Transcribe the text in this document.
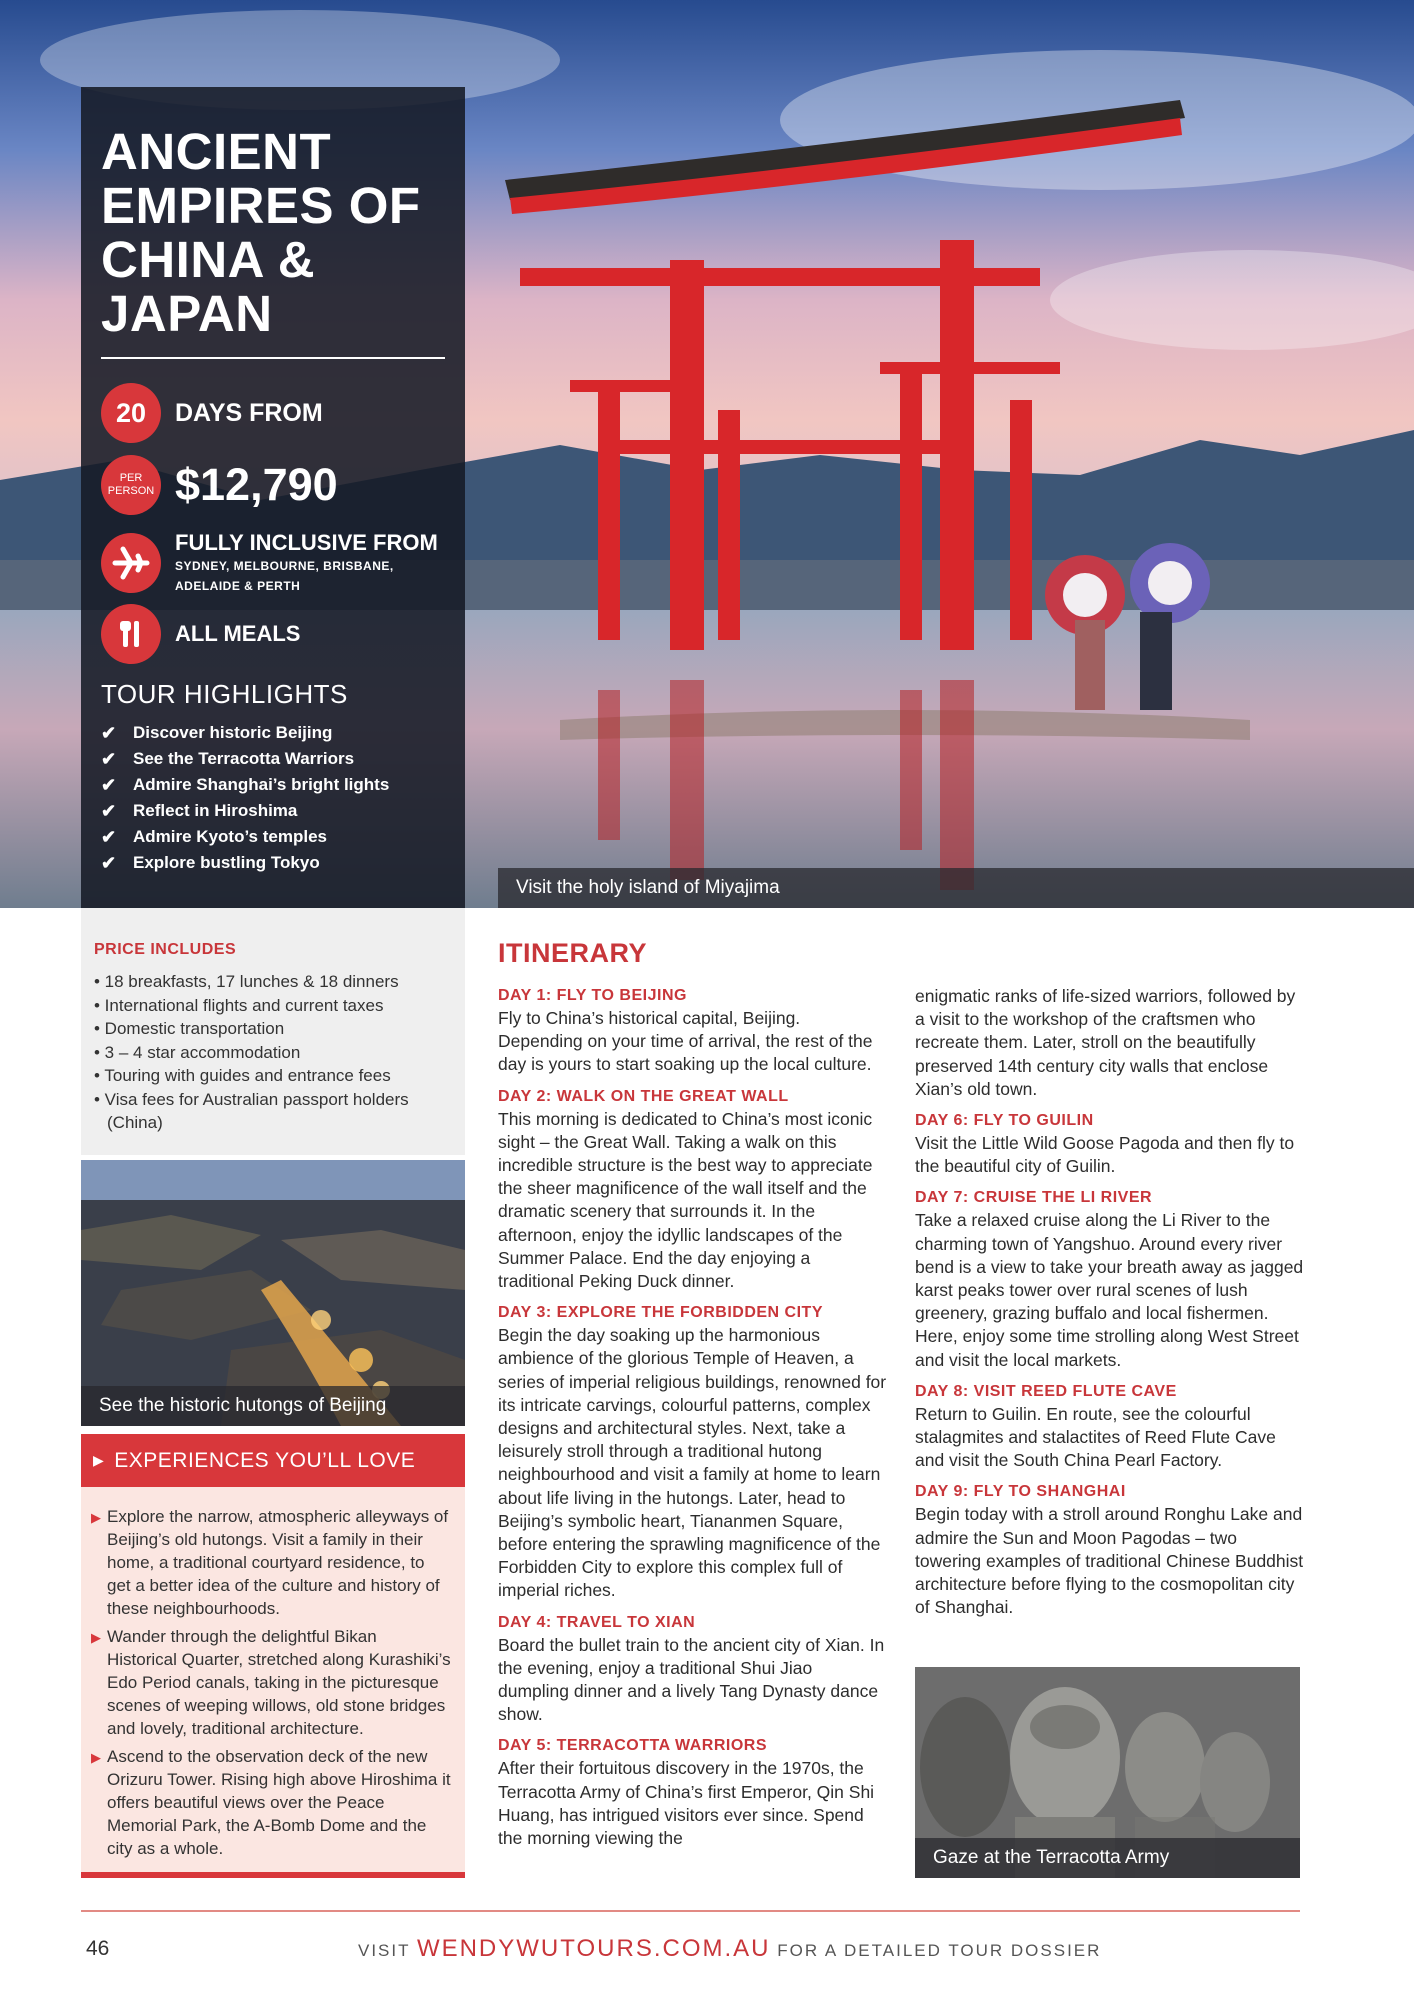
ANCIENT EMPIRES OF CHINA & JAPAN
20 DAYS FROM
PER PERSON $12,790
FULLY INCLUSIVE FROM
SYDNEY, MELBOURNE, BRISBANE,
ADELAIDE & PERTH
ALL MEALS
TOUR HIGHLIGHTS
✔ Discover historic Beijing
✔ See the Terracotta Warriors
✔ Admire Shanghai’s bright lights
✔ Reflect in Hiroshima
✔ Admire Kyoto’s temples
✔ Explore bustling Tokyo
Visit the holy island of Miyajima
PRICE INCLUDES
• 18 breakfasts, 17 lunches & 18 dinners
• International flights and current taxes
• Domestic transportation
• 3 – 4 star accommodation
• Touring with guides and entrance fees
• Visa fees for Australian passport holders (China)
See the historic hutongs of Beijing
▶ EXPERIENCES YOU’LL LOVE
▶ Explore the narrow, atmospheric alleyways of Beijing’s old hutongs. Visit a family in their home, a traditional courtyard residence, to get a better idea of the culture and history of these neighbourhoods.
▶ Wander through the delightful Bikan Historical Quarter, stretched along Kurashiki’s Edo Period canals, taking in the picturesque scenes of weeping willows, old stone bridges and lovely, traditional architecture.
▶ Ascend to the observation deck of the new Orizuru Tower. Rising high above Hiroshima it offers beautiful views over the Peace Memorial Park, the A-Bomb Dome and the city as a whole.
ITINERARY
DAY 1: FLY TO BEIJING
Fly to China’s historical capital, Beijing. Depending on your time of arrival, the rest of the day is yours to start soaking up the local culture.
DAY 2: WALK ON THE GREAT WALL
This morning is dedicated to China’s most iconic sight – the Great Wall. Taking a walk on this incredible structure is the best way to appreciate the sheer magnificence of the wall itself and the dramatic scenery that surrounds it. In the afternoon, enjoy the idyllic landscapes of the Summer Palace. End the day enjoying a traditional Peking Duck dinner.
DAY 3: EXPLORE THE FORBIDDEN CITY
Begin the day soaking up the harmonious ambience of the glorious Temple of Heaven, a series of imperial religious buildings, renowned for its intricate carvings, colourful patterns, complex designs and architectural styles. Next, take a leisurely stroll through a traditional hutong neighbourhood and visit a family at home to learn about life living in the hutongs. Later, head to Beijing’s symbolic heart, Tiananmen Square, before entering the sprawling magnificence of the Forbidden City to explore this complex full of imperial riches.
DAY 4: TRAVEL TO XIAN
Board the bullet train to the ancient city of Xian. In the evening, enjoy a traditional Shui Jiao dumpling dinner and a lively Tang Dynasty dance show.
DAY 5: TERRACOTTA WARRIORS
After their fortuitous discovery in the 1970s, the Terracotta Army of China’s first Emperor, Qin Shi Huang, has intrigued visitors ever since. Spend the morning viewing the
enigmatic ranks of life-sized warriors, followed by a visit to the workshop of the craftsmen who recreate them. Later, stroll on the beautifully preserved 14th century city walls that enclose Xian’s old town.
DAY 6: FLY TO GUILIN
Visit the Little Wild Goose Pagoda and then fly to the beautiful city of Guilin.
DAY 7: CRUISE THE LI RIVER
Take a relaxed cruise along the Li River to the charming town of Yangshuo. Around every river bend is a view to take your breath away as jagged karst peaks tower over rural scenes of lush greenery, grazing buffalo and local fishermen. Here, enjoy some time strolling along West Street and visit the local markets.
DAY 8: VISIT REED FLUTE CAVE
Return to Guilin. En route, see the colourful stalagmites and stalactites of Reed Flute Cave and visit the South China Pearl Factory.
DAY 9: FLY TO SHANGHAI
Begin today with a stroll around Ronghu Lake and admire the Sun and Moon Pagodas – two towering examples of traditional Chinese Buddhist architecture before flying to the cosmopolitan city of Shanghai.
Gaze at the Terracotta Army
46	VISIT WENDYWUTOURS.COM.AU FOR A DETAILED TOUR DOSSIER
